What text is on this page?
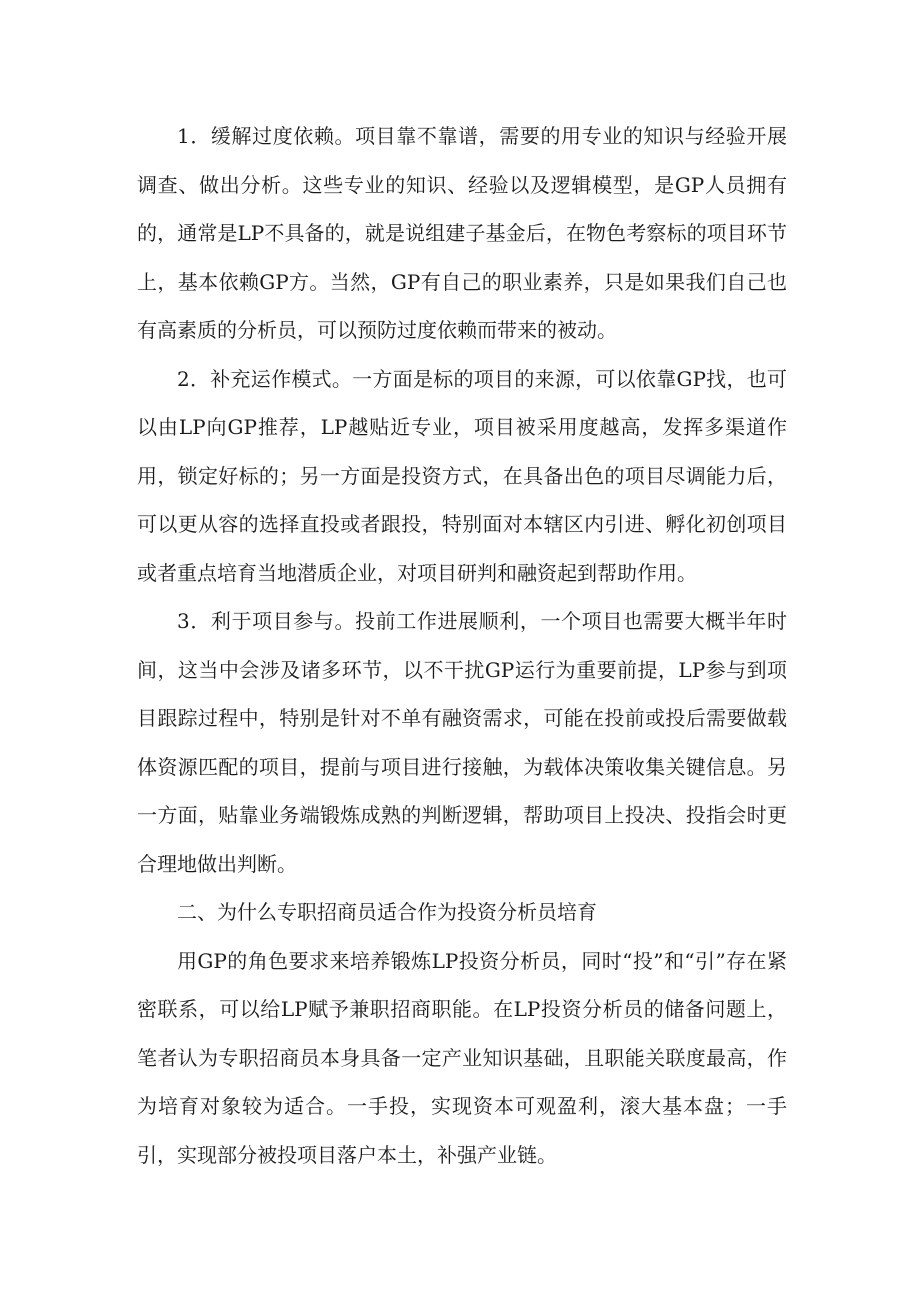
1．缓解过度依赖。项目靠不靠谱，需要的用专业的知识与经验开展调查、做出分析。这些专业的知识、经验以及逻辑模型，是GP人员拥有的，通常是LP不具备的，就是说组建子基金后，在物色考察标的项目环节上，基本依赖GP方。当然，GP有自己的职业素养，只是如果我们自己也有高素质的分析员，可以预防过度依赖而带来的被动。

2．补充运作模式。一方面是标的项目的来源，可以依靠GP找，也可以由LP向GP推荐，LP越贴近专业，项目被采用度越高，发挥多渠道作用，锁定好标的；另一方面是投资方式，在具备出色的项目尽调能力后，可以更从容的选择直投或者跟投，特别面对本辖区内引进、孵化初创项目或者重点培育当地潜质企业，对项目研判和融资起到帮助作用。

3．利于项目参与。投前工作进展顺利，一个项目也需要大概半年时间，这当中会涉及诸多环节，以不干扰GP运行为重要前提，LP参与到项目跟踪过程中，特别是针对不单有融资需求，可能在投前或投后需要做载体资源匹配的项目，提前与项目进行接触，为载体决策收集关键信息。另一方面，贴靠业务端锻炼成熟的判断逻辑，帮助项目上投决、投指会时更合理地做出判断。

二、为什么专职招商员适合作为投资分析员培育

用GP的角色要求来培养锻炼LP投资分析员，同时“投”和“引”存在紧密联系，可以给LP赋予兼职招商职能。在LP投资分析员的储备问题上，笔者认为专职招商员本身具备一定产业知识基础，且职能关联度最高，作为培育对象较为适合。一手投，实现资本可观盈利，滚大基本盘；一手引，实现部分被投项目落户本土，补强产业链。
